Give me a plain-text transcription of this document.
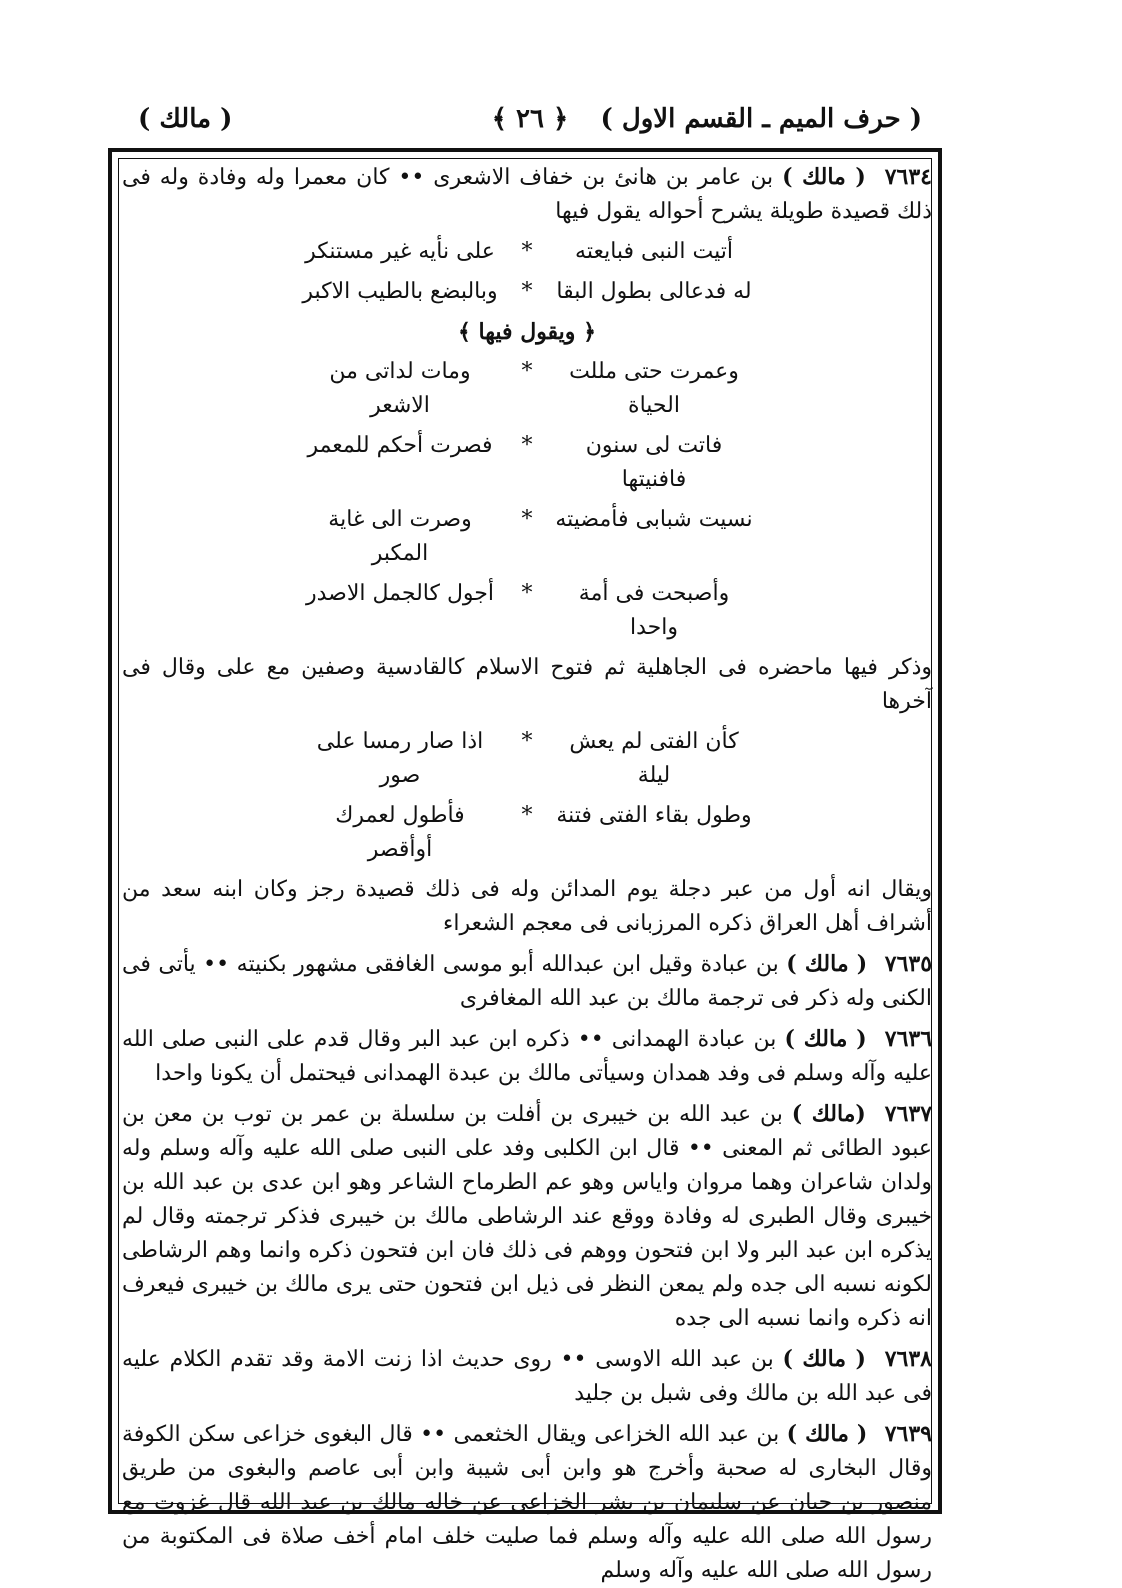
( حرف الميم ـ القسم الاول )
﴿ ٢٦ ﴾
( مالك )
٧٦٣٤ ( مالك ) بن عامر بن هانئ بن خفاف الاشعرى •• كان معمرا وله وفادة وله فى ذلك قصيدة طويلة يشرح أحواله يقول فيها
أتيت النبى فبايعته
*
على نأيه غير مستنكر
له فدعالى بطول البقا
*
وبالبضع بالطيب الاكبر
﴿ ويقول فيها ﴾
وعمرت حتى مللت الحياة
*
ومات لداتى من الاشعر
فاتت لى سنون فافنيتها
*
فصرت أحكم للمعمر
نسيت شبابى فأمضيته
*
وصرت الى غاية المكبر
وأصبحت فى أمة واحدا
*
أجول كالجمل الاصدر
وذكر فيها ماحضره فى الجاهلية ثم فتوح الاسلام كالقادسية وصفين مع على وقال فى آخرها
كأن الفتى لم يعش ليلة
*
اذا صار رمسا على صور
وطول بقاء الفتى فتنة
*
فأطول لعمرك أوأقصر
ويقال انه أول من عبر دجلة يوم المدائن وله فى ذلك قصيدة رجز وكان ابنه سعد من أشراف أهل العراق ذكره المرزبانى فى معجم الشعراء
٧٦٣٥ ( مالك ) بن عبادة وقيل ابن عبدالله أبو موسى الغافقى مشهور بكنيته •• يأتى فى الكنى وله ذكر فى ترجمة مالك بن عبد الله المغافرى
٧٦٣٦ ( مالك ) بن عبادة الهمدانى •• ذكره ابن عبد البر وقال قدم على النبى صلى الله عليه وآله وسلم فى وفد همدان وسيأتى مالك بن عبدة الهمدانى فيحتمل أن يكونا واحدا
٧٦٣٧ (مالك ) بن عبد الله بن خيبرى بن أفلت بن سلسلة بن عمر بن توب بن معن بن عبود الطائى ثم المعنى •• قال ابن الكلبى وفد على النبى صلى الله عليه وآله وسلم وله ولدان شاعران وهما مروان واياس وهو عم الطرماح الشاعر وهو ابن عدى بن عبد الله بن خيبرى وقال الطبرى له وفادة ووقع عند الرشاطى مالك بن خيبرى فذكر ترجمته وقال لم يذكره ابن عبد البر ولا ابن فتحون ووهم فى ذلك فان ابن فتحون ذكره وانما وهم الرشاطى لكونه نسبه الى جده ولم يمعن النظر فى ذيل ابن فتحون حتى يرى مالك بن خيبرى فيعرف انه ذكره وانما نسبه الى جده
٧٦٣٨ ( مالك ) بن عبد الله الاوسى •• روى حديث اذا زنت الامة وقد تقدم الكلام عليه فى عبد الله بن مالك وفى شبل بن جليد
٧٦٣٩ ( مالك ) بن عبد الله الخزاعى ويقال الخثعمى •• قال البغوى خزاعى سكن الكوفة وقال البخارى له صحبة وأخرج هو وابن أبى شيبة وابن أبى عاصم والبغوى من طريق منصور بن حبان عن سليمان بن بشر الخزاعى عن خاله مالك بن عبد الله قال غزوت مع رسول الله صلى الله عليه وآله وسلم فما صليت خلف امام أخف صلاة فى المكتوبة من رسول الله صلى الله عليه وآله وسلم
